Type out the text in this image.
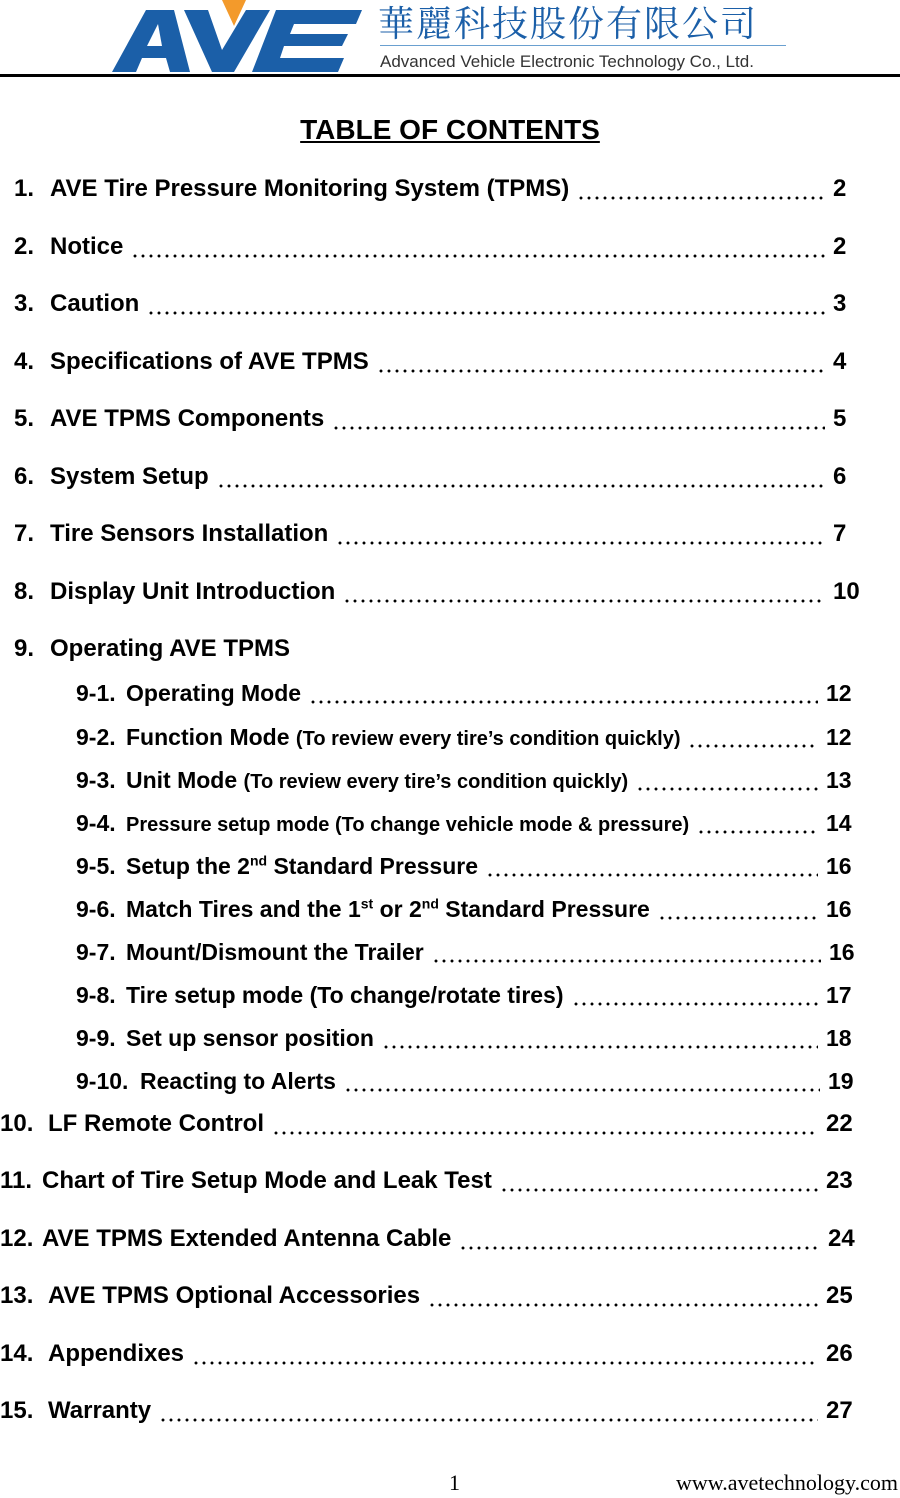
華麗科技股份有限公司
Advanced Vehicle Electronic Technology Co., Ltd.
TABLE OF CONTENTS
1. AVE Tire Pressure Monitoring System (TPMS)	2
2. Notice	2
3. Caution	3
4. Specifications of AVE TPMS	4
5. AVE TPMS Components	5
6. System Setup	6
7. Tire Sensors Installation	7
8. Display Unit Introduction	10
9. Operating AVE TPMS
9-1. Operating Mode	12
9-2. Function Mode (To review every tire’s condition quickly)	12
9-3. Unit Mode (To review every tire’s condition quickly)	13
9-4. Pressure setup mode (To change vehicle mode & pressure)	14
9-5. Setup the 2nd Standard Pressure	16
9-6. Match Tires and the 1st or 2nd Standard Pressure	16
9-7. Mount/Dismount the Trailer	16
9-8. Tire setup mode (To change/rotate tires)	17
9-9. Set up sensor position	18
9-10. Reacting to Alerts	19
10. LF Remote Control	22
11. Chart of Tire Setup Mode and Leak Test	23
12. AVE TPMS Extended Antenna Cable	24
13. AVE TPMS Optional Accessories	25
14. Appendixes	26
15. Warranty	27
1	www.avetechnology.com
